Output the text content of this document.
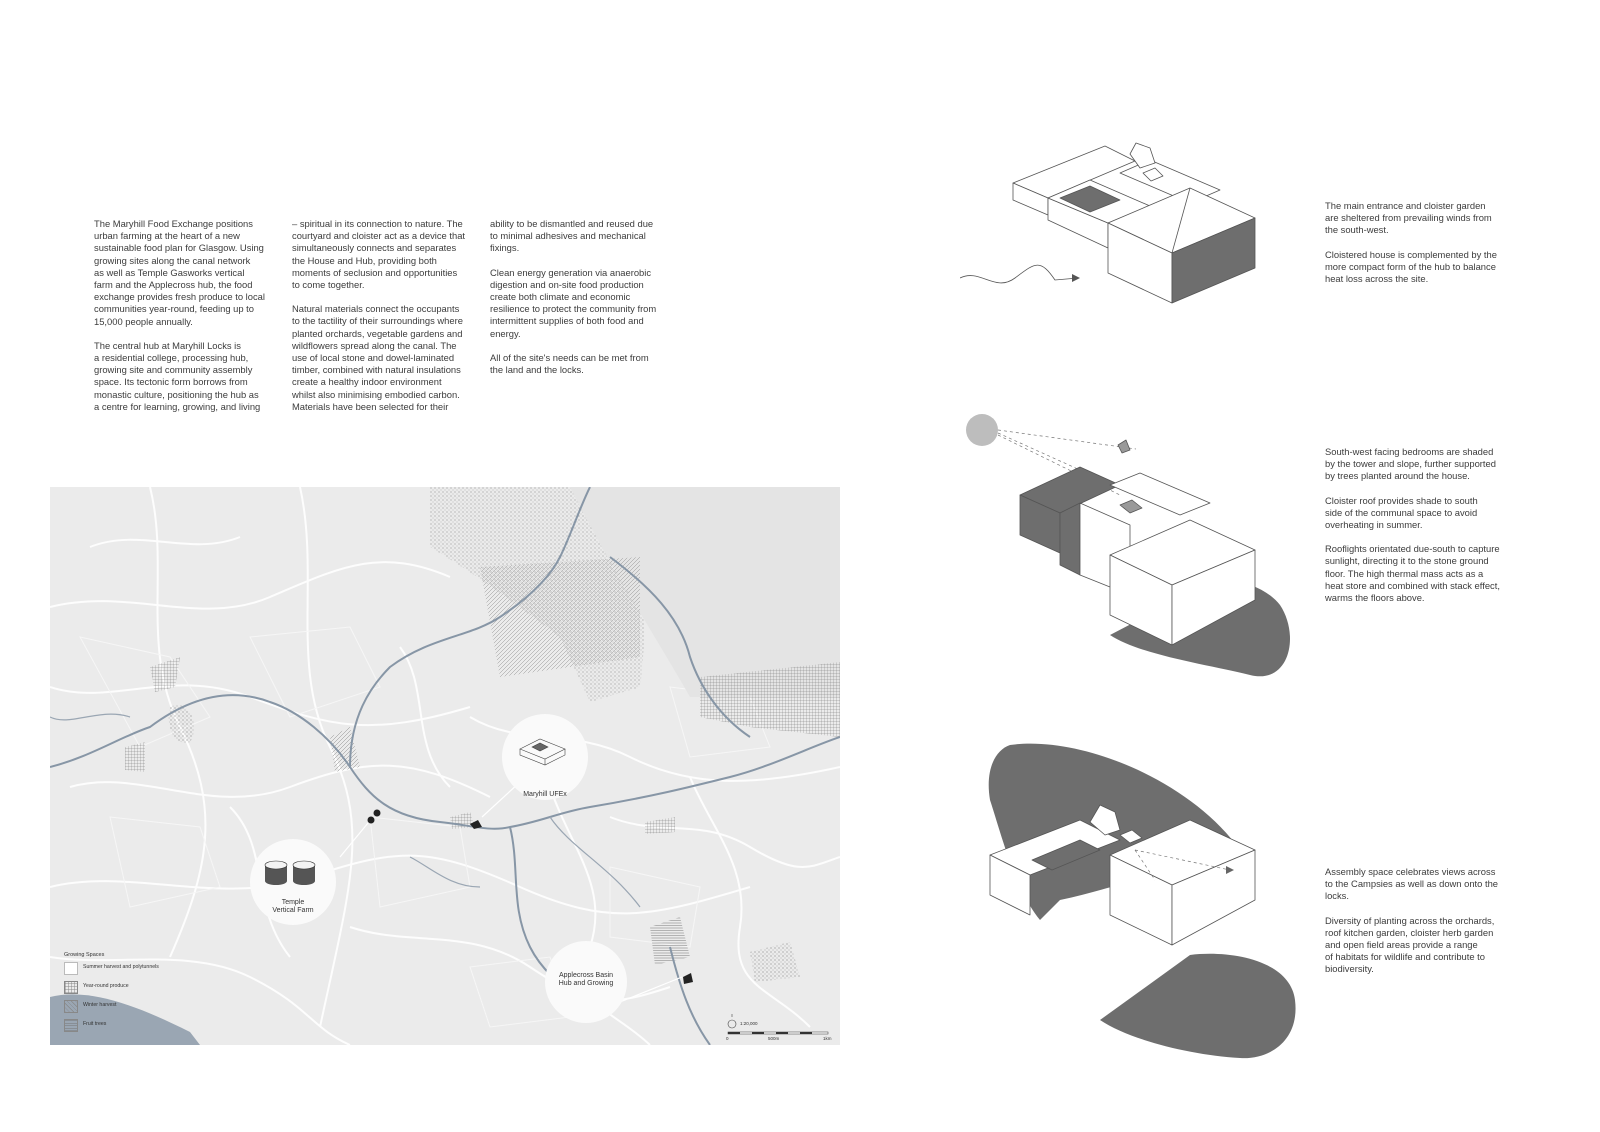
The Maryhill Food Exchange positions
urban farming at the heart of a new
sustainable food plan for Glasgow. Using
growing sites along the canal network
as well as Temple Gasworks vertical
farm and the Applecross hub, the food
exchange provides fresh produce to local
communities year-round, feeding up to
15,000 people annually.

The central hub at Maryhill Locks is
a residential college, processing hub,
growing site and community assembly
space. Its tectonic form borrows from
monastic culture, positioning the hub as
a centre for learning, growing, and living

– spiritual in its connection to nature. The
courtyard and cloister act as a device that
simultaneously connects and separates
the House and Hub, providing both
moments of seclusion and opportunities
to come together.

Natural materials connect the occupants
to the tactility of their surroundings where
planted orchards, vegetable gardens and
wildflowers spread along the canal. The
use of local stone and dowel-laminated
timber, combined with natural insulations
create a healthy indoor environment
whilst also minimising embodied carbon.
Materials have been selected for their

ability to be dismantled and reused due
to minimal adhesives and mechanical
fixings.

Clean energy generation via anaerobic
digestion and on-site food production
create both climate and economic
resilience to protect the community from
intermittent supplies of both food and
energy.

All of the site's needs can be met from
the land and the locks.

Maryhill UFEx
Temple
Vertical Farm
Applecross Basin
Hub and Growing
Growing Spaces
Summer harvest and polytunnels
Year-round produce
Winter harvest
Fruit trees	1:20,000
0	500m	1km

The main entrance and cloister garden
are sheltered from prevailing winds from
the south-west.

Cloistered house is complemented by the
more compact form of the hub to balance
heat loss across the site.

South-west facing bedrooms are shaded
by the tower and slope, further supported
by trees planted around the house.

Cloister roof provides shade to south
side of the communal space to avoid
overheating in summer.

Rooflights orientated due-south to capture
sunlight, directing it to the stone ground
floor. The high thermal mass acts as a
heat store and combined with stack effect,
warms the floors above.

Assembly space celebrates views across
to the Campsies as well as down onto the
locks.

Diversity of planting across the orchards,
roof kitchen garden, cloister herb garden
and open field areas provide a range
of habitats for wildlife and contribute to
biodiversity.
